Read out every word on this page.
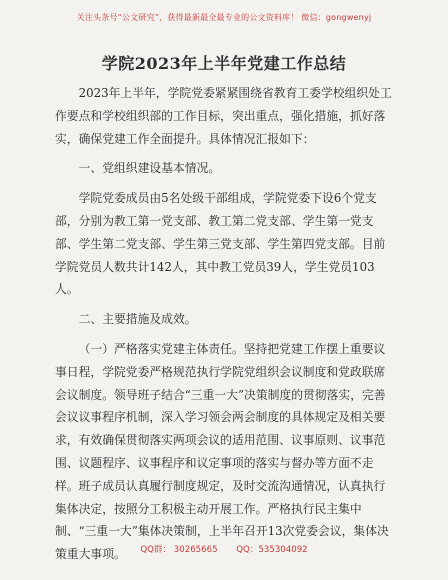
关注头条号“公文研究”，获得最新最全最专业的公文资料库！ 微信：gongwenyj
学院2023年上半年党建工作总结

2023年上半年，学院党委紧紧围绕省教育工委学校组织处工作要点和学校组织部的工作目标，突出重点，强化措施，抓好落实，确保党建工作全面提升。具体情况汇报如下：

一、党组织建设基本情况。

学院党委成员由5名处级干部组成，学院党委下设6个党支部，分别为教工第一党支部、教工第二党支部、学生第一党支部、学生第二党支部、学生第三党支部、学生第四党支部。目前学院党员人数共计142人，其中教工党员39人，学生党员103人。

二、主要措施及成效。

（一）严格落实党建主体责任。坚持把党建工作摆上重要议事日程，学院党委严格规范执行学院党组织会议制度和党政联席会议制度。领导班子结合“三重一大”决策制度的贯彻落实，完善会议议事程序机制，深入学习领会两会制度的具体规定及相关要求，有效确保贯彻落实两项会议的适用范围、议事原则、议事范围、议题程序、议事程序和议定事项的落实与督办等方面不走样。班子成员认真履行制度规定，及时交流沟通情况，认真执行集体决定，按照分工积极主动开展工作。严格执行民主集中制、“三重一大”集体决策制，上半年召开13次党委会议，集体决策重大事项。	QQ群： 30265665 QQ：535304092
